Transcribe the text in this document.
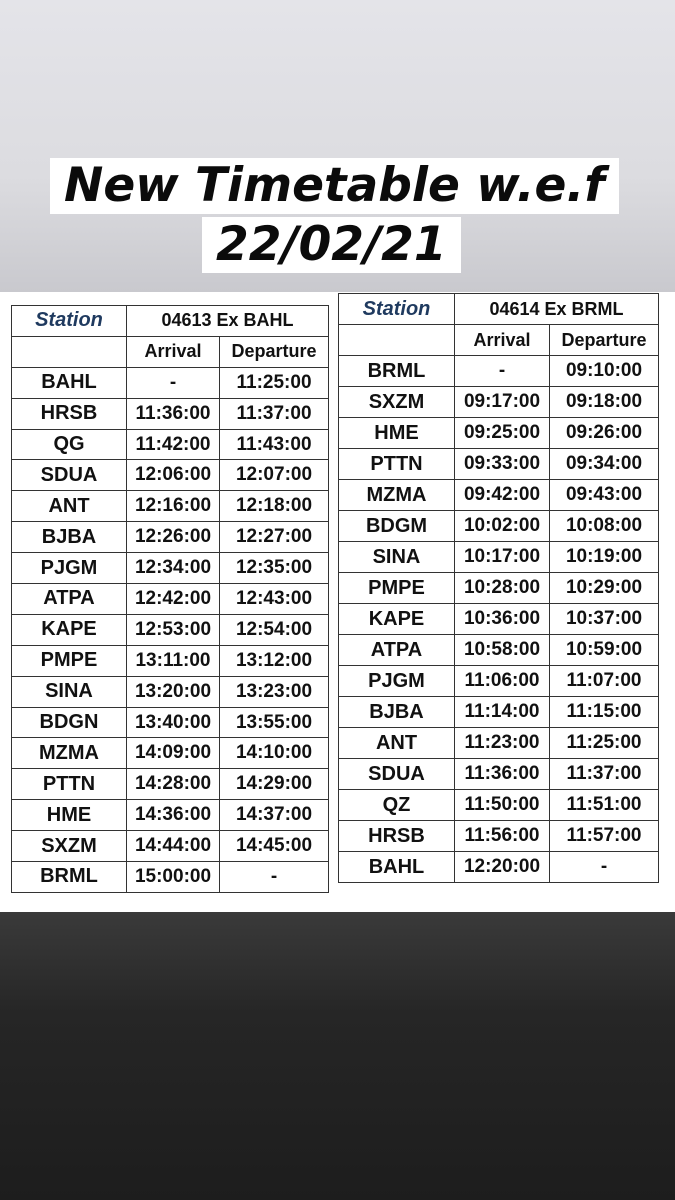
New Timetable w.e.f
22/02/21
Station	04613 Ex BAHL	
	Arrival	Departure
BAHL	-	11:25:00
HRSB	11:36:00	11:37:00
QG	11:42:00	11:43:00
SDUA	12:06:00	12:07:00
ANT	12:16:00	12:18:00
BJBA	12:26:00	12:27:00
PJGM	12:34:00	12:35:00
ATPA	12:42:00	12:43:00
KAPE	12:53:00	12:54:00
PMPE	13:11:00	13:12:00
SINA	13:20:00	13:23:00
BDGN	13:40:00	13:55:00
MZMA	14:09:00	14:10:00
PTTN	14:28:00	14:29:00
HME	14:36:00	14:37:00
SXZM	14:44:00	14:45:00
BRML	15:00:00	-
Station	04614 Ex BRML	
	Arrival	Departure
BRML	-	09:10:00
SXZM	09:17:00	09:18:00
HME	09:25:00	09:26:00
PTTN	09:33:00	09:34:00
MZMA	09:42:00	09:43:00
BDGM	10:02:00	10:08:00
SINA	10:17:00	10:19:00
PMPE	10:28:00	10:29:00
KAPE	10:36:00	10:37:00
ATPA	10:58:00	10:59:00
PJGM	11:06:00	11:07:00
BJBA	11:14:00	11:15:00
ANT	11:23:00	11:25:00
SDUA	11:36:00	11:37:00
QZ	11:50:00	11:51:00
HRSB	11:56:00	11:57:00
BAHL	12:20:00	-
